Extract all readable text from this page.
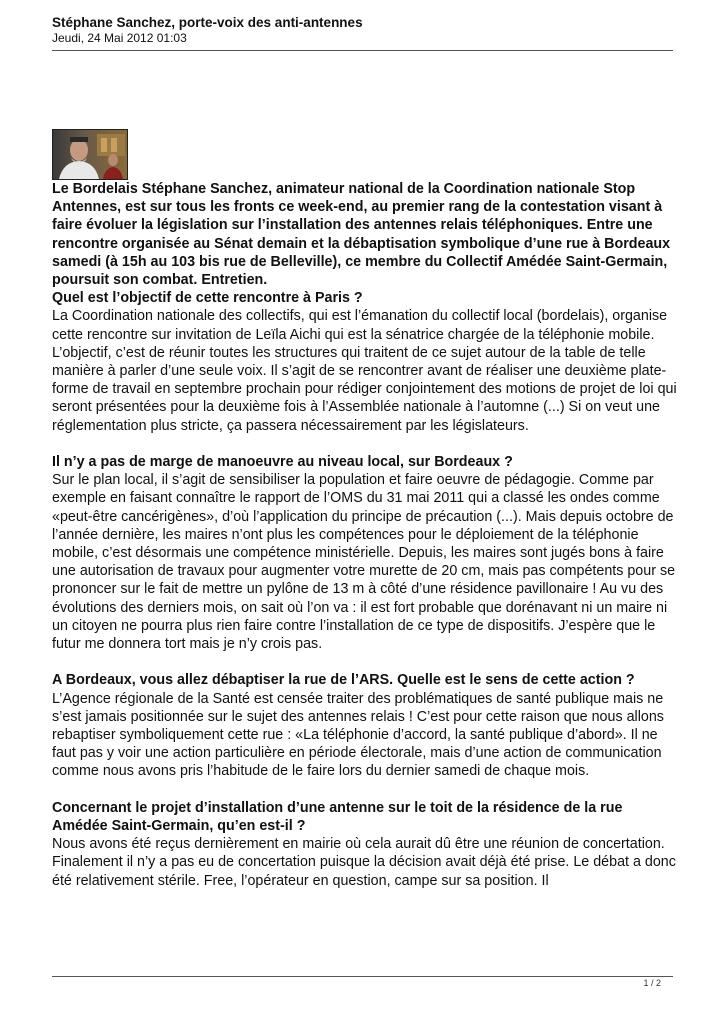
Stéphane Sanchez, porte-voix des anti-antennes
Jeudi, 24 Mai 2012 01:03

Le Bordelais Stéphane Sanchez, animateur national de la Coordination nationale Stop Antennes, est sur tous les fronts ce week-end, au premier rang de la contestation visant à faire évoluer la législation sur l’installation des antennes relais téléphoniques. Entre une rencontre organisée au Sénat demain et la débaptisation symbolique d’une rue à Bordeaux samedi (à 15h au 103 bis rue de Belleville), ce membre du Collectif Amédée Saint-Germain, poursuit son combat. Entretien.

Quel est l’objectif de cette rencontre à Paris ?

La Coordination nationale des collectifs, qui est l’émanation du collectif local (bordelais), organise cette rencontre sur invitation de Leïla Aichi qui est la sénatrice chargée de la téléphonie mobile. L’objectif, c’est de réunir toutes les structures qui traitent de ce sujet autour de la table de telle manière à parler d’une seule voix. Il s’agit de se rencontrer avant de réaliser une deuxième plate-forme de travail en septembre prochain pour rédiger conjointement des motions de projet de loi qui seront présentées pour la deuxième fois à l’Assemblée nationale à l’automne (...) Si on veut une réglementation plus stricte, ça passera nécessairement par les législateurs.

Il n’y a pas de marge de manoeuvre au niveau local, sur Bordeaux ?

Sur le plan local, il s’agit de sensibiliser la population et faire oeuvre de pédagogie. Comme par exemple en faisant connaître le rapport de l’OMS du 31 mai 2011 qui a classé les ondes comme «peut-être cancérigènes», d’où l’application du principe de précaution (...). Mais depuis octobre de l’année dernière, les maires n’ont plus les compétences pour le déploiement de la téléphonie mobile, c’est désormais une compétence ministérielle. Depuis, les maires sont jugés bons à faire une autorisation de travaux pour augmenter votre murette de 20 cm, mais pas compétents pour se prononcer sur le fait de mettre un pylône de 13 m à côté d’une résidence pavillonaire ! Au vu des évolutions des derniers mois, on sait où l’on va : il est fort probable que dorénavant ni un maire ni un citoyen ne pourra plus rien faire contre l’installation de ce type de dispositifs. J’espère que le futur me donnera tort mais je n’y crois pas.

A Bordeaux, vous allez débaptiser la rue de l’ARS. Quelle est le sens de cette action ?

L’Agence régionale de la Santé est censée traiter des problématiques de santé publique mais ne s’est jamais positionnée sur le sujet des antennes relais ! C’est pour cette raison que nous allons rebaptiser symboliquement cette rue : «La téléphonie d’accord, la santé publique d’abord». Il ne faut pas y voir une action particulière en période électorale, mais d’une action de communication comme nous avons pris l’habitude de le faire lors du dernier samedi de chaque mois.

Concernant le projet d’installation d’une antenne sur le toit de la résidence de la rue Amédée Saint-Germain, qu’en est-il ?

Nous avons été reçus dernièrement en mairie où cela aurait dû être une réunion de concertation. Finalement il n’y a pas eu de concertation puisque la décision avait déjà été prise. Le débat a donc été relativement stérile. Free, l’opérateur en question, campe sur sa position. Il

1 / 2
